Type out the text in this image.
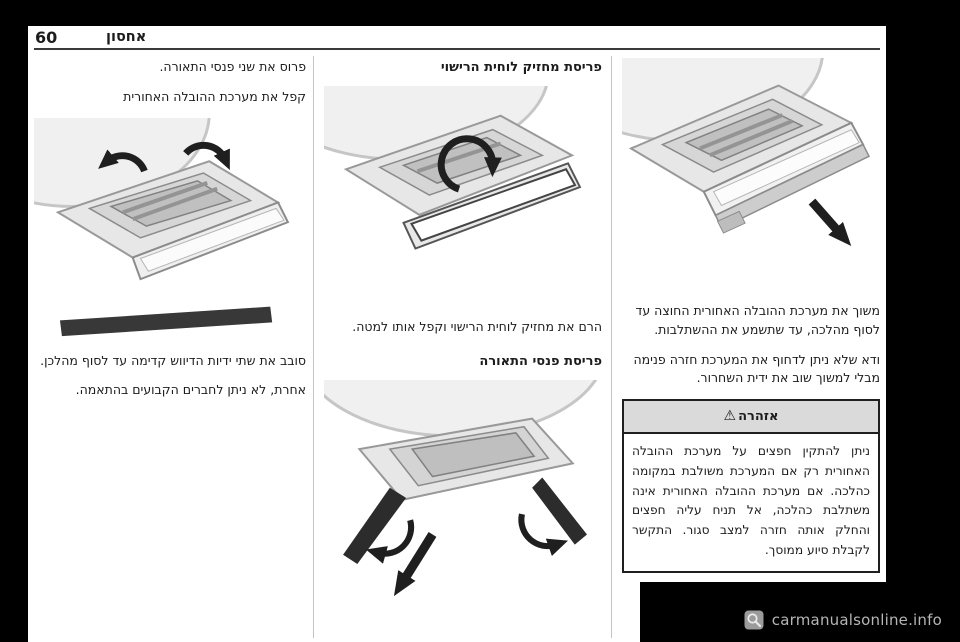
60	אחסון

משוך את מערכת ההובלה האחורית החוצה עד לסוף מהלכה, עד שתשמע את ההשתלבות.

ודא שלא ניתן לדחוף את המערכת חזרה פנימה מבלי למשוך שוב את ידית השחרור.

אזהרה⚠
ניתן להתקין חפצים על מערכת ההובלה האחורית רק אם המערכת משולבת במקומה כהלכה. אם מערכת ההובלה האחורית אינה משתלבת כהלכה, אל תניח עליה חפצים והחלק אותה חזרה למצב סגור. התקשר לקבלת סיוע ממוסך.
פריסת מחזיק לוחית הרישוי

הרם את מחזיק לוחית הרישוי וקפל אותו למטה.

פריסת פנסי התאורה

פרוס את שני פנסי התאורה.

קפל את מערכת ההובלה האחורית

סובב את שתי ידיות הדיווש קדימה עד לסוף מהלכן.

אחרת, לא ניתן לחברים הקבועים בהתאמה.

carmanualsonline.info
